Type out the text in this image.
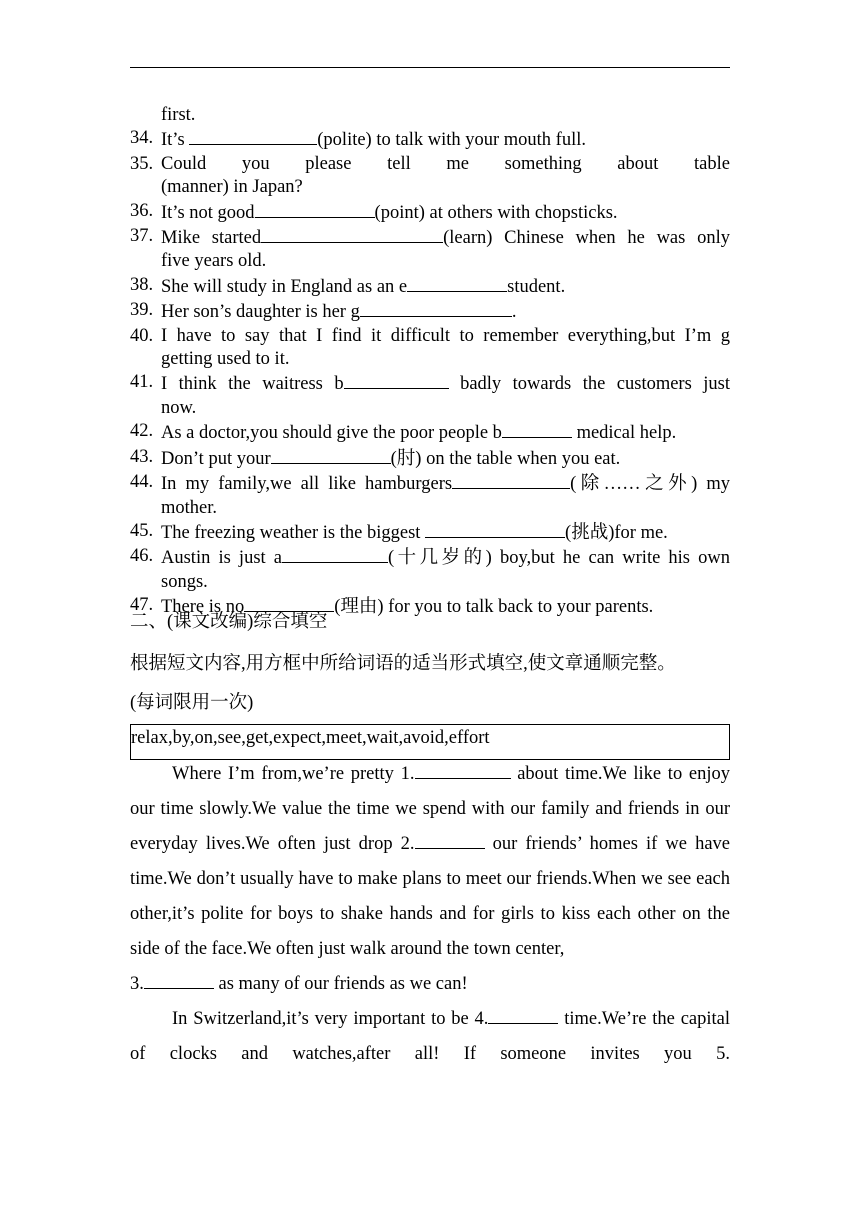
first.
34. It’s	(polite) to talk with your mouth full.
35. Could you please tell me something about table
(manner) in Japan?
36. It’s not good	(point) at others with chopsticks.
37. Mike started	(learn) Chinese when he was only
five years old.
38. She will study in England as an e	student.
39. Her son’s daughter is her g	.
40. I have to say that I find it difficult to remember everything,but I’m g
getting used to it.
41. I think the waitress b	badly towards the customers just
now.
42. As a doctor,you should give the poor people b	medical help.
43. Don’t put your	(肘) on the table when you eat.
44. In my family,we all like hamburgers	(除……之外) my
mother.
45. The freezing weather is the biggest	(挑战)for me.
46. Austin is just a	(十几岁的) boy,but he can write his own
songs.
47. There is no	(理由) for you to talk back to your parents.
二、(课文改编)综合填空
根据短文内容,用方框中所给词语的适当形式填空,使文章通顺完整。
(每词限用一次)
relax,by,on,see,get,expect,meet,wait,avoid,effort
Where I’m from,we’re pretty 1.	about time.We like to enjoy our time slowly.We value the time we spend with our family and friends in our everyday lives.We often just drop 2.	our friends’ homes if we have time.We don’t usually have to make plans to meet our friends.When we see each other,it’s polite for boys to shake hands and for girls to kiss each other on the side of the face.We often just walk around the town center,
3.	as many of our friends as we can!
In Switzerland,it’s very important to be 4.	time.We’re the capital of clocks and watches,after all! If someone invites you 5.
